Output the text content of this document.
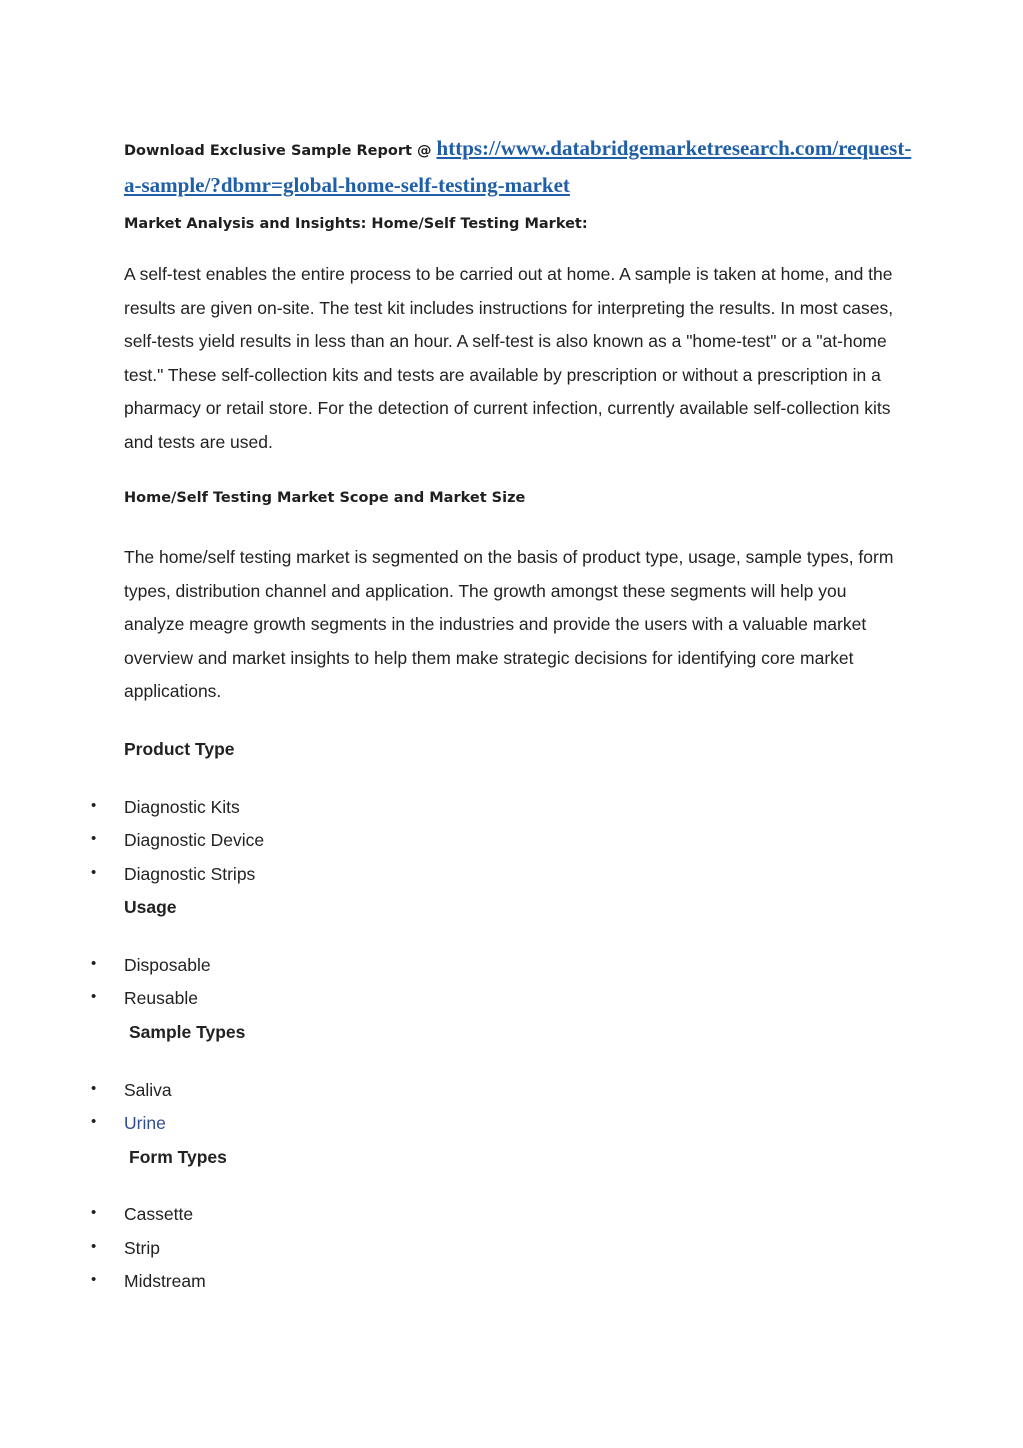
Download Exclusive Sample Report @ https://www.databridgemarketresearch.com/request-
a-sample/?dbmr=global-home-self-testing-market
Market Analysis and Insights: Home/Self Testing Market:
A self-test enables the entire process to be carried out at home. A sample is taken at home, and the results are given on-site. The test kit includes instructions for interpreting the results. In most cases, self-tests yield results in less than an hour. A self-test is also known as a "home-test" or a "at-home test." These self-collection kits and tests are available by prescription or without a prescription in a pharmacy or retail store. For the detection of current infection, currently available self-collection kits and tests are used.
Home/Self Testing Market Scope and Market Size
The home/self testing market is segmented on the basis of product type, usage, sample types, form types, distribution channel and application. The growth amongst these segments will help you analyze meagre growth segments in the industries and provide the users with a valuable market overview and market insights to help them make strategic decisions for identifying core market applications.
Product Type
• Diagnostic Kits
• Diagnostic Device
• Diagnostic Strips
Usage
• Disposable
• Reusable
Sample Types
• Saliva
• Urine
Form Types
• Cassette
• Strip
• Midstream
